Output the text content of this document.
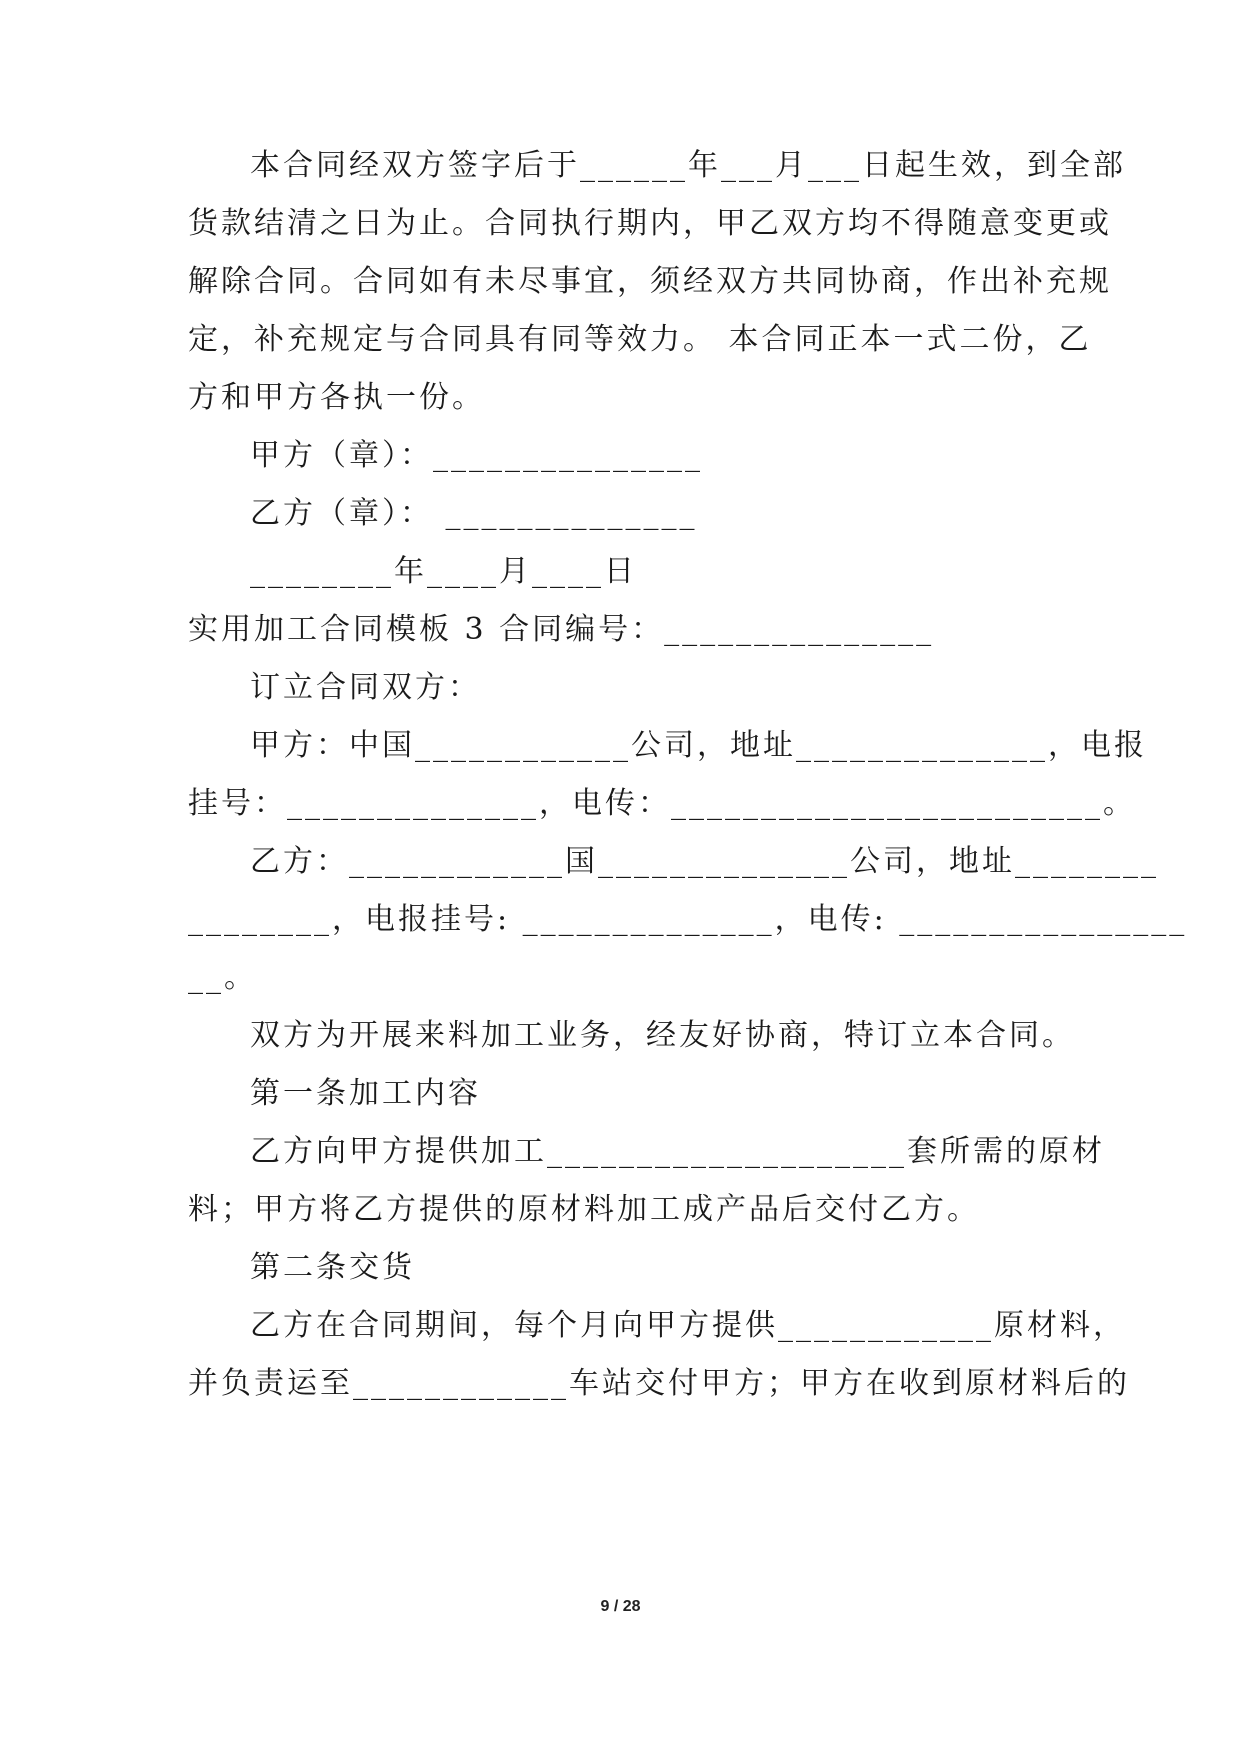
本合同经双方签字后于______年___月___日起生效，到全部
货款结清之日为止。合同执行期内，甲乙双方均不得随意变更或
解除合同。合同如有未尽事宜，须经双方共同协商，作出补充规
定，补充规定与合同具有同等效力。 本合同正本一式二份，乙
方和甲方各执一份。
甲方（章）：_______________
乙方（章）： ______________
________年____月____日
实用加工合同模板 3 合同编号：_______________
订立合同双方：
甲方：中国____________公司，地址______________，电报
挂号：______________，电传：________________________。
乙方：____________国______________公司，地址________
________，电报挂号: ______________，电传: ________________
__。
双方为开展来料加工业务，经友好协商，特订立本合同。
第一条加工内容
乙方向甲方提供加工____________________套所需的原材
料；甲方将乙方提供的原材料加工成产品后交付乙方。
第二条交货
乙方在合同期间，每个月向甲方提供____________原材料，
并负责运至____________车站交付甲方；甲方在收到原材料后的
9 / 28
